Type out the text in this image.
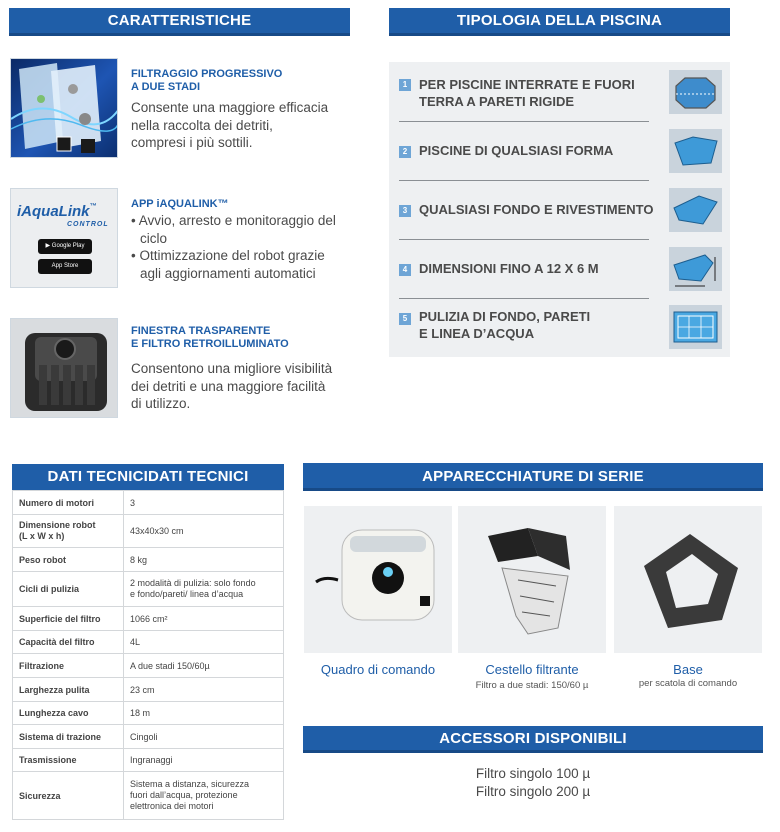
CARATTERISTICHE
FILTRAGGIO PROGRESSIVO
A DUE STADI
Consente una maggiore efficacia
nella raccolta dei detriti,
compresi i più sottili.
iAquaLink™
CONTROL
▶ Google Play
App Store
APP iAQUALINK™
• Avvio, arresto e monitoraggio del ciclo
• Ottimizzazione del robot grazie agli aggiornamenti automatici
FINESTRA TRASPARENTE
E FILTRO RETROILLUMINATO
Consentono una migliore visibilità
dei detriti e una maggiore facilità
di utilizzo.
TIPOLOGIA DELLA PISCINA
1 PER PISCINE INTERRATE E FUORI
TERRA A PARETI RIGIDE
2 PISCINE DI QUALSIASI FORMA
3 QUALSIASI FONDO E RIVESTIMENTO
4 DIMENSIONI FINO A 12 X 6 M
5 PULIZIA DI FONDO, PARETI
E LINEA D’ACQUA
DATI TECNICIDATI TECNICI
Numero di motori	3
Dimensione robot
(L x W x h)	43x40x30 cm
Peso robot	8 kg
Cicli di pulizia	2 modalità di pulizia: solo fondo
e fondo/pareti/ linea d’acqua
Superficie del filtro	1066 cm²
Capacità del filtro	4L
Filtrazione	A due stadi 150/60µ
Larghezza pulita	23 cm
Lunghezza cavo	18 m
Sistema di trazione	Cingoli
Trasmissione	Ingranaggi
Sicurezza	Sistema a distanza, sicurezza
fuori dall’acqua, protezione
elettronica dei motori
APPARECCHIATURE DI SERIE
Quadro di comando	Cestello filtrante
Filtro a due stadi: 150/60 µ
Base
per scatola di comando
ACCESSORI DISPONIBILI
Filtro singolo 100 µ
Filtro singolo 200 µ
